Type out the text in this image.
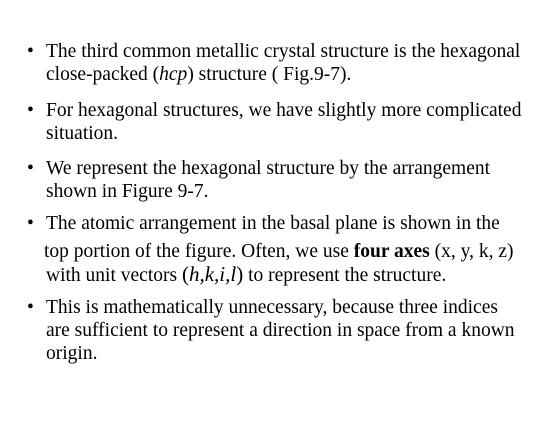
• The third common metallic crystal structure is the hexagonal
close-packed (hcp) structure ( Fig.9-7).
• For hexagonal structures, we have slightly more complicated
situation.
• We represent the hexagonal structure by the arrangement
shown in Figure 9-7.
• The atomic arrangement in the basal plane is shown in the
top portion of the figure. Often, we use four axes (x, y, k, z)
with unit vectors (h,k,i,l) to represent the structure.
• This is mathematically unnecessary, because three indices
are sufficient to represent a direction in space from a known
origin.
